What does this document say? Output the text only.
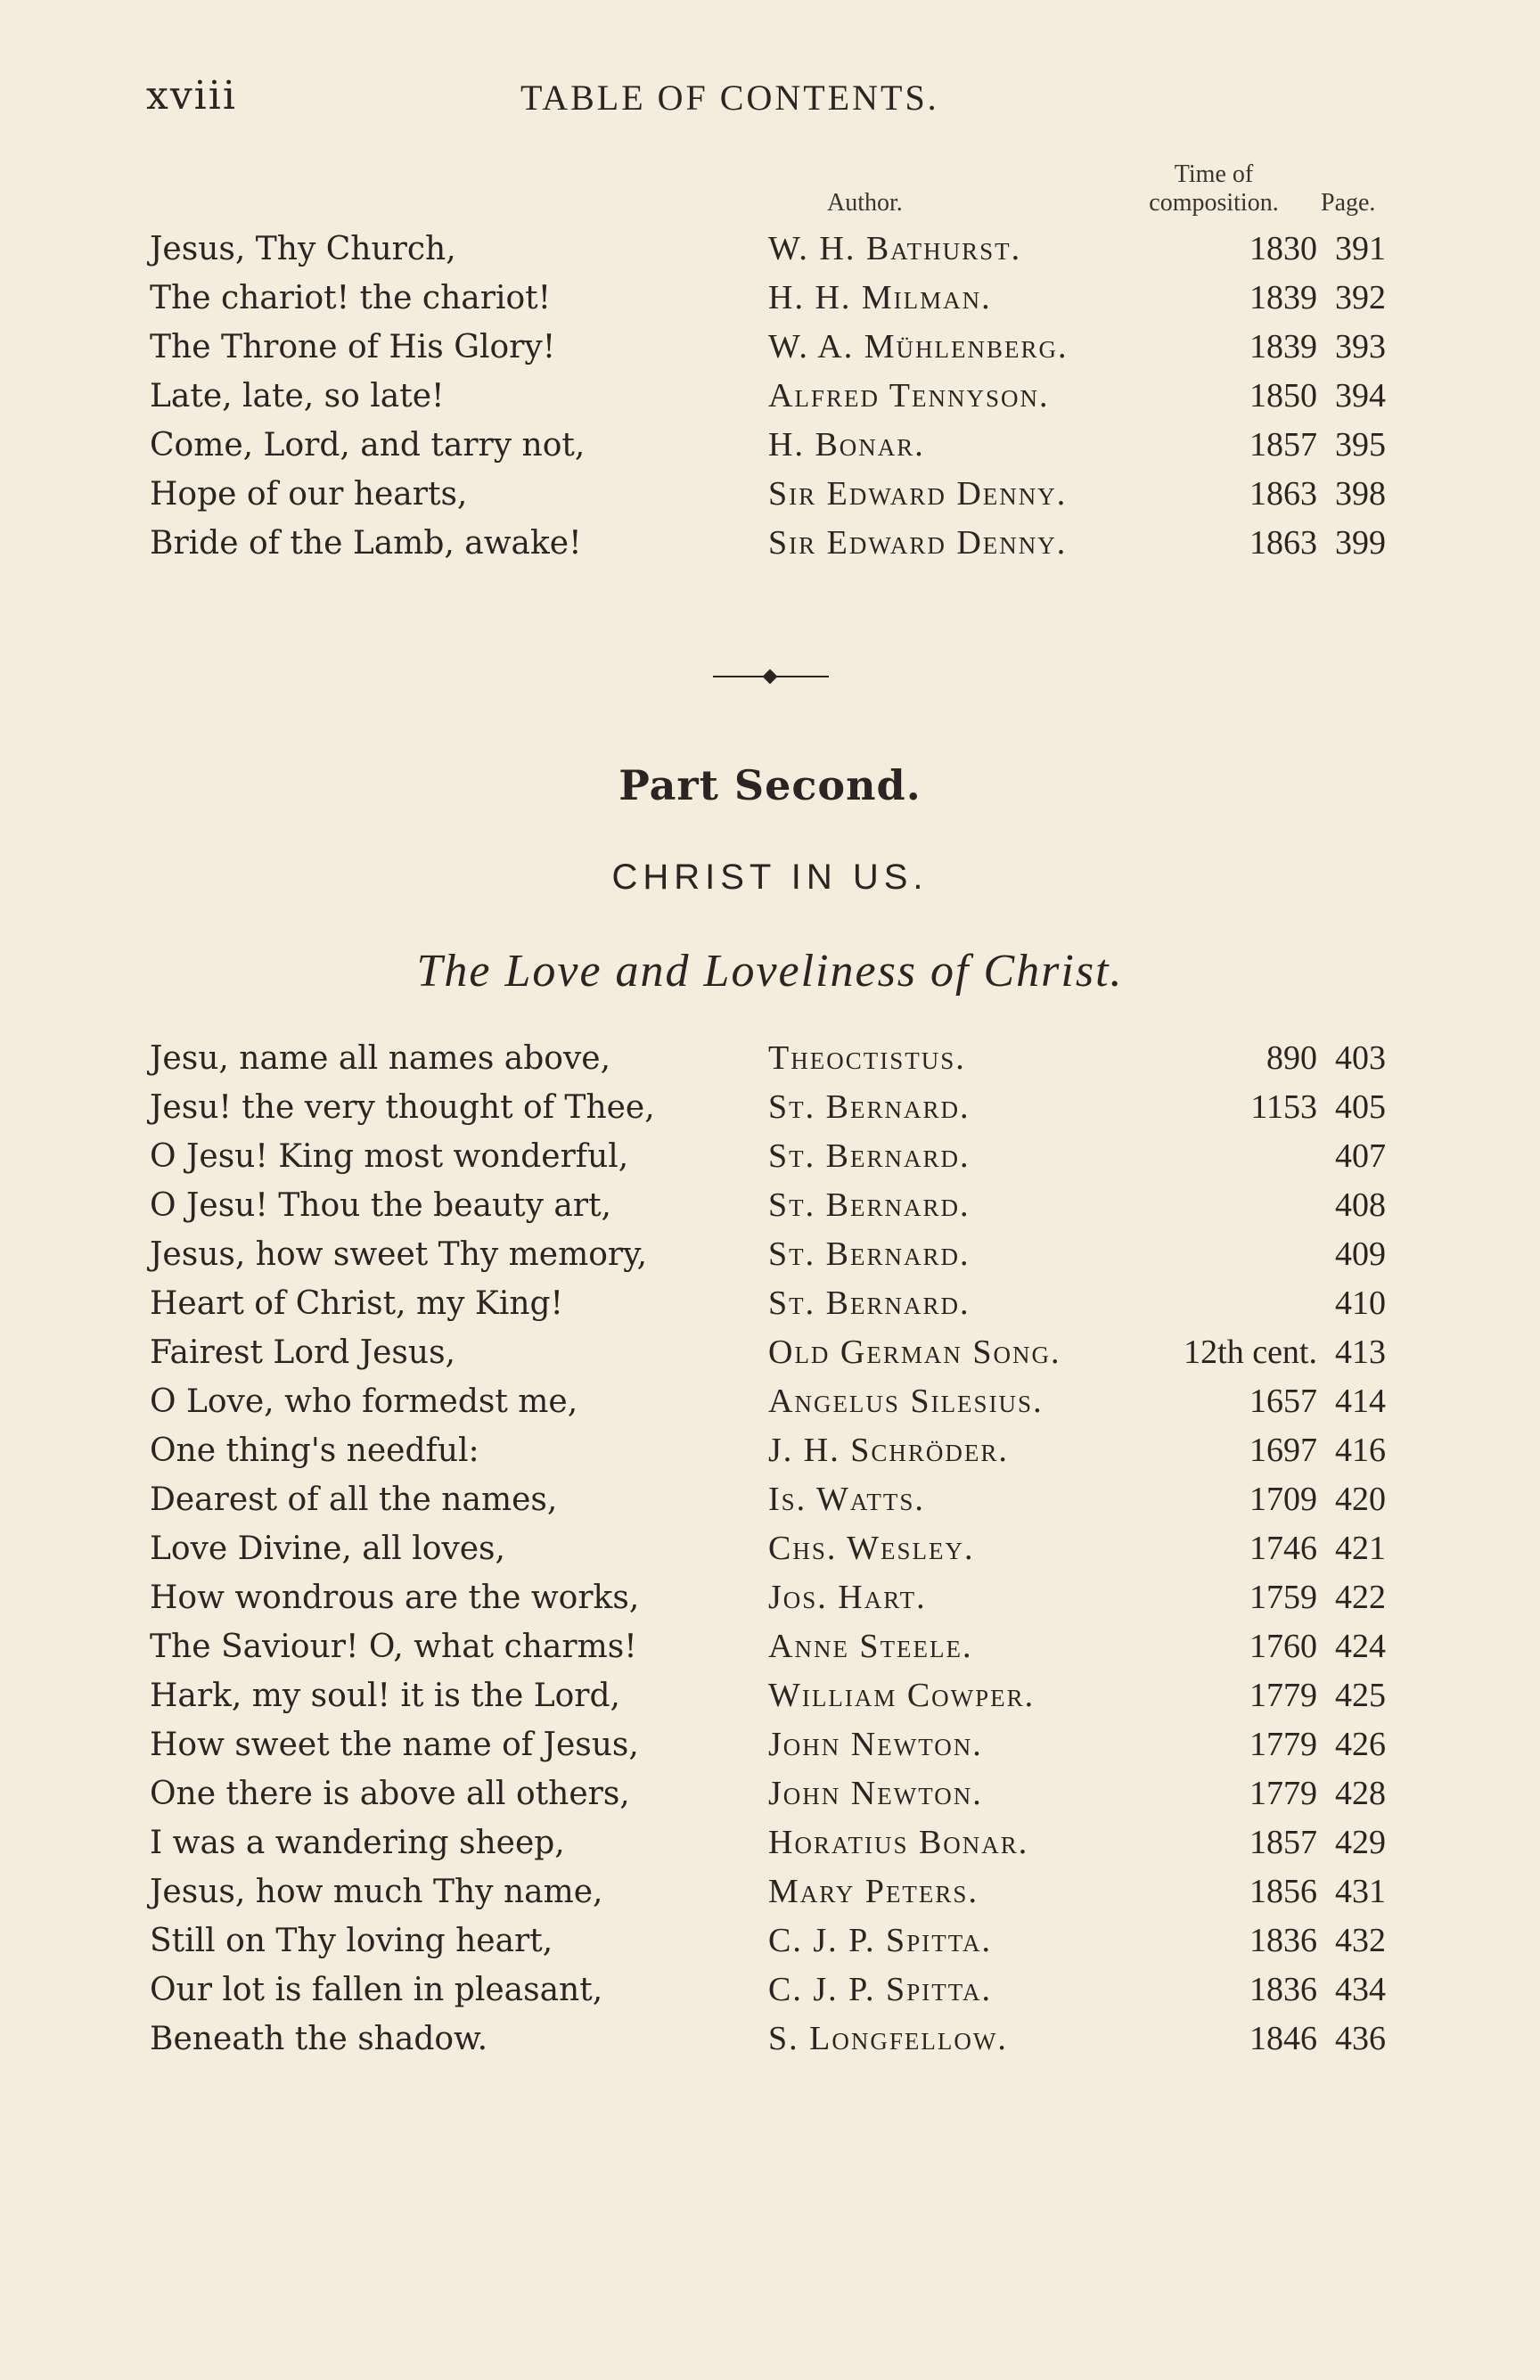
xviii	TABLE OF CONTENTS.
Author.
Time of
composition.	Page.
Jesus, Thy Church,	W. H. Bathurst.	1830 391
The chariot! the chariot!	H. H. Milman.	1839 392
The Throne of His Glory!	W. A. Mühlenberg.	1839 393
Late, late, so late!	Alfred Tennyson.	1850 394
Come, Lord, and tarry not,	H. Bonar.	1857 395
Hope of our hearts,	Sir Edward Denny.	1863 398
Bride of the Lamb, awake!	Sir Edward Denny.	1863 399
Part Second.
CHRIST IN US.
The Love and Loveliness of Christ.
Jesu, name all names above,	Theoctistus.	890 403
Jesu! the very thought of Thee,	St. Bernard.	1153 405
O Jesu! King most wonderful,	St. Bernard.	407
O Jesu! Thou the beauty art,	St. Bernard.	408
Jesus, how sweet Thy memory,	St. Bernard.	409
Heart of Christ, my King!	St. Bernard.	410
Fairest Lord Jesus,	Old German Song.	12th cent. 413
O Love, who formedst me,	Angelus Silesius.	1657 414
One thing's needful:	J. H. Schröder.	1697 416
Dearest of all the names,	Is. Watts.	1709 420
Love Divine, all loves,	Chs. Wesley.	1746 421
How wondrous are the works,	Jos. Hart.	1759 422
The Saviour! O, what charms!	Anne Steele.	1760 424
Hark, my soul! it is the Lord,	William Cowper.	1779 425
How sweet the name of Jesus,	John Newton.	1779 426
One there is above all others,	John Newton.	1779 428
I was a wandering sheep,	Horatius Bonar.	1857 429
Jesus, how much Thy name,	Mary Peters.	1856 431
Still on Thy loving heart,	C. J. P. Spitta.	1836 432
Our lot is fallen in pleasant,	C. J. P. Spitta.	1836 434
Beneath the shadow.	S. Longfellow.	1846 436
